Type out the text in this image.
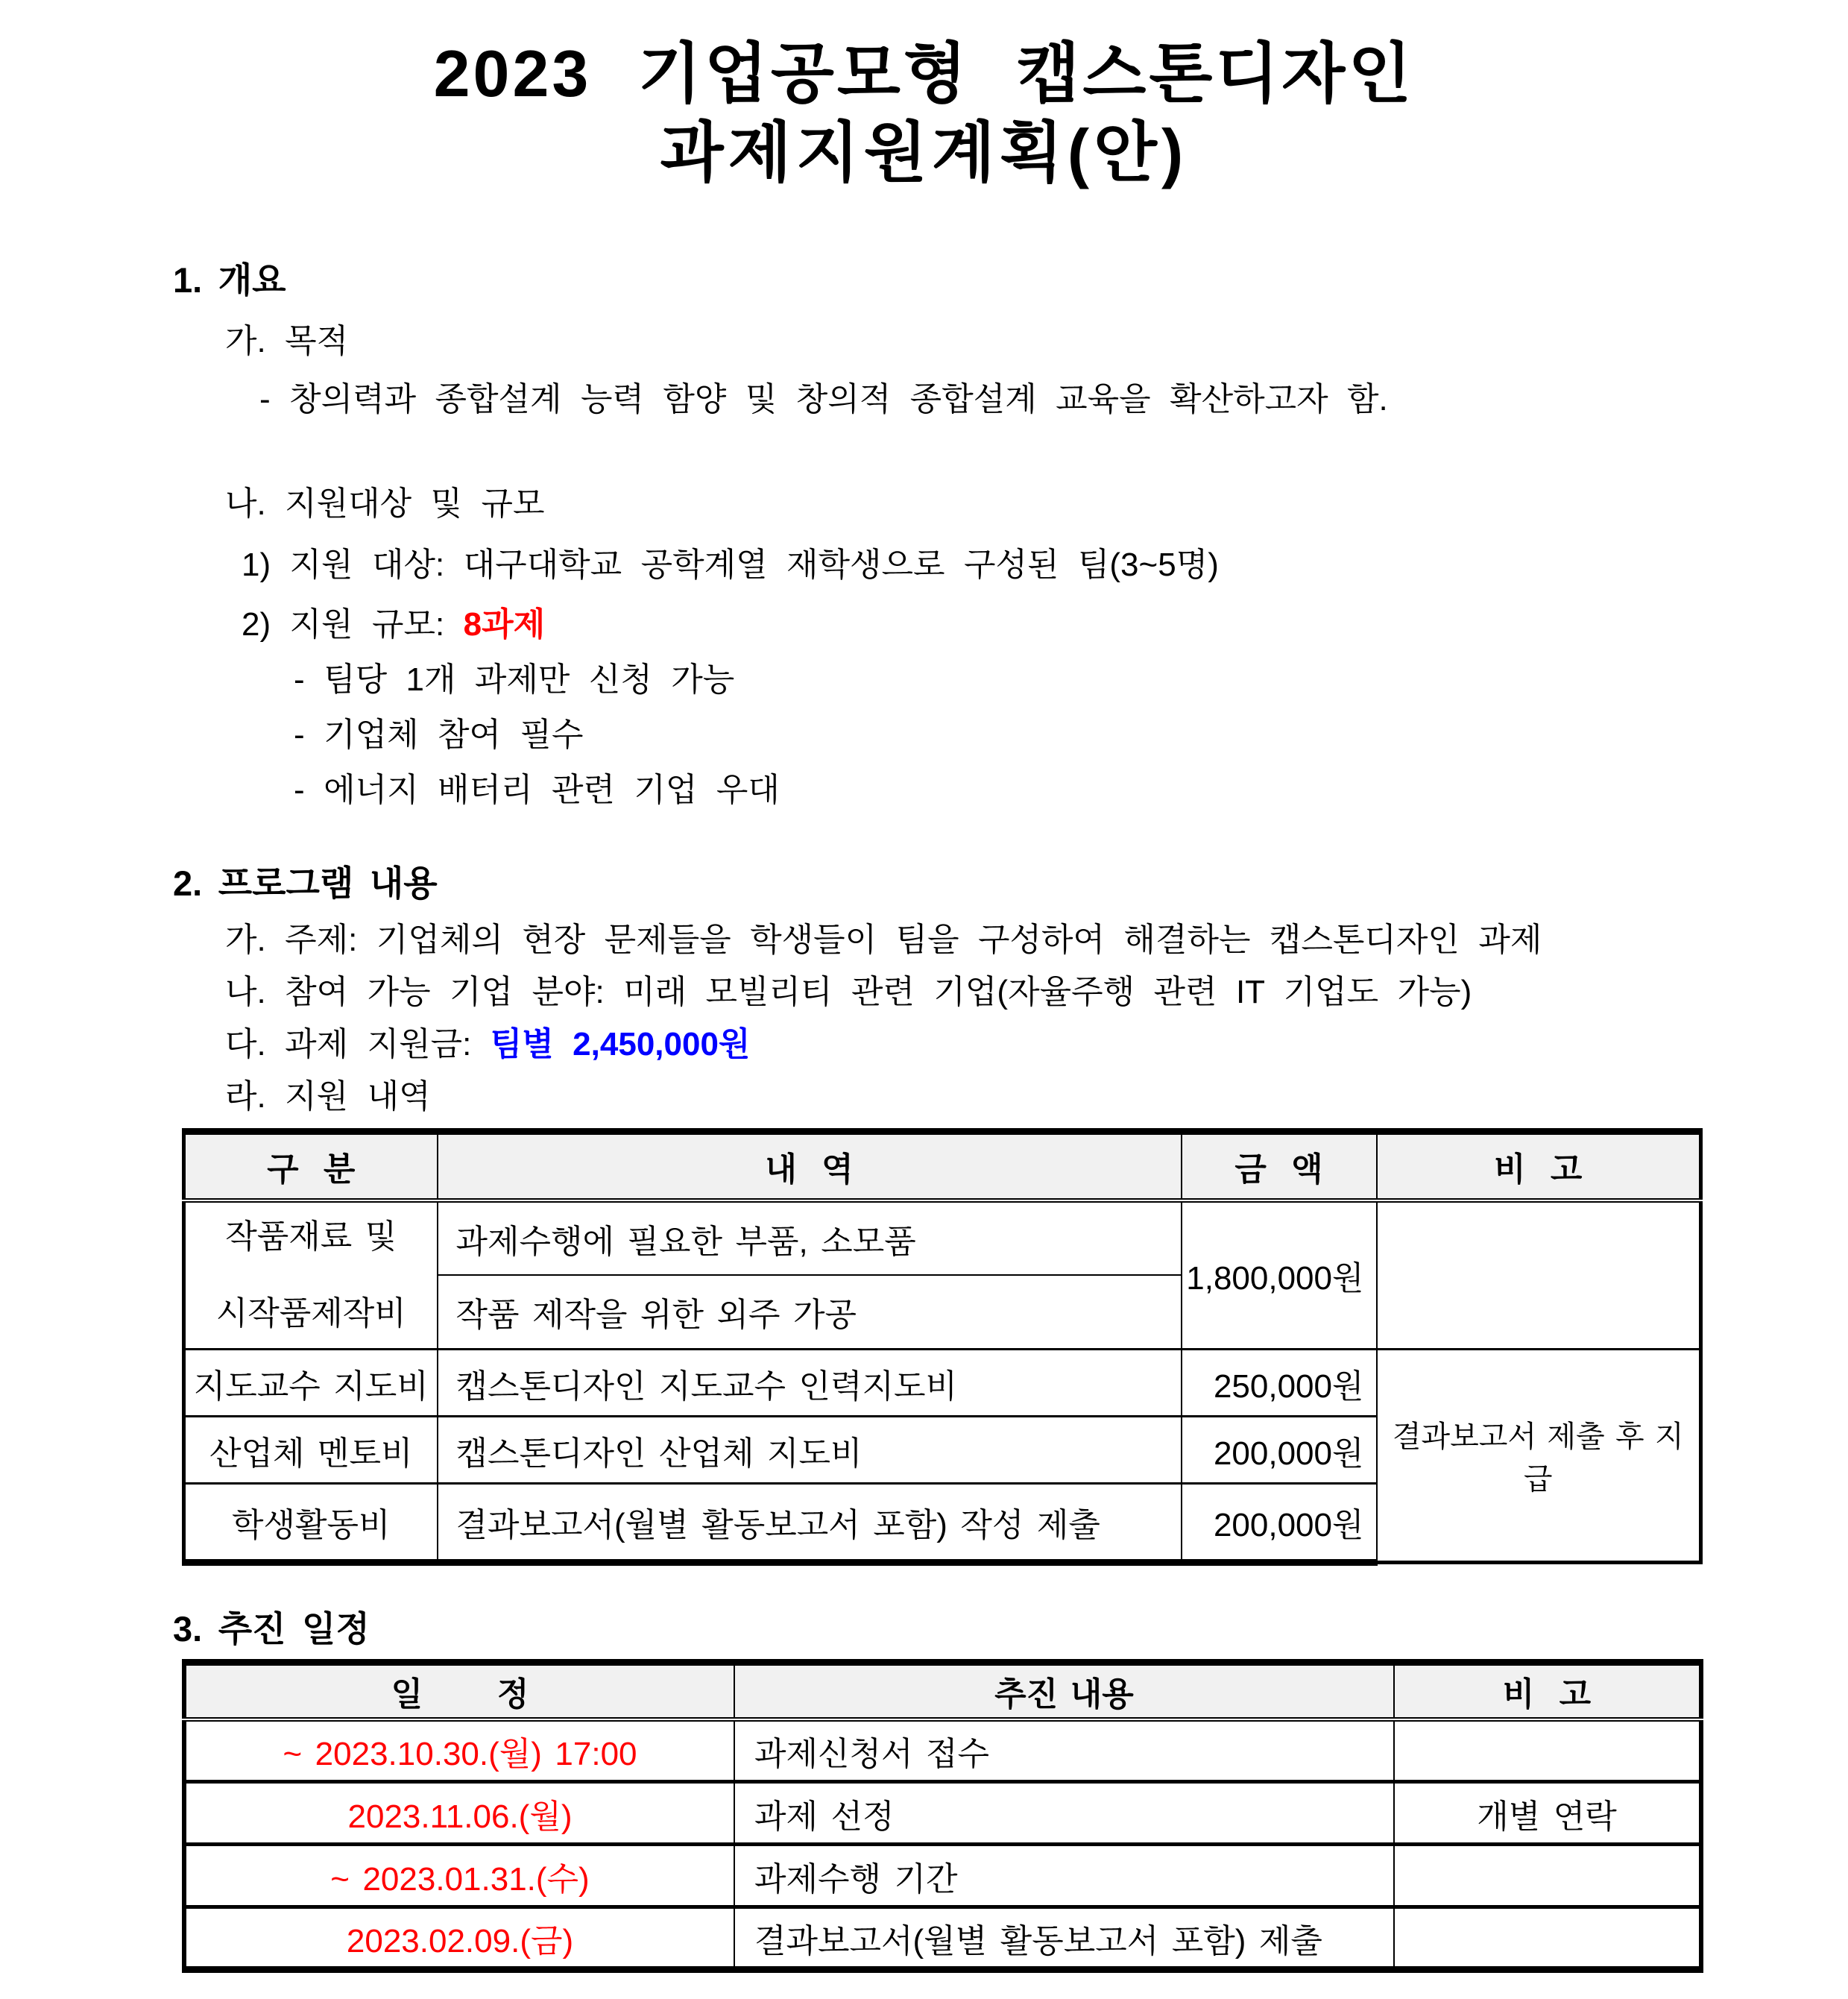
2023 기업공모형 캡스톤디자인
과제지원계획(안)
1. 개요
가. 목적
- 창의력과 종합설계 능력 함양 및 창의적 종합설계 교육을 확산하고자 함.
나. 지원대상 및 규모
1) 지원 대상: 대구대학교 공학계열 재학생으로 구성된 팀(3~5명)
2) 지원 규모: 8과제
- 팀당 1개 과제만 신청 가능
- 기업체 참여 필수
- 에너지 배터리 관련 기업 우대
2. 프로그램 내용
가. 주제: 기업체의 현장 문제들을 학생들이 팀을 구성하여 해결하는 캡스톤디자인 과제
나. 참여 가능 기업 분야: 미래 모빌리티 관련 기업(자율주행 관련 IT 기업도 가능)
다. 과제 지원금: 팀별 2,450,000원
라. 지원 내역
구  분	내  역	금  액	비  고

작품재료 및
시작품제작비	과제수행에 필요한 부품, 소모품	1,800,000원	
	작품 제작을 위한 외주 가공		
지도교수 지도비	캡스톤디자인 지도교수 인력지도비	250,000원	결과보고서 제출 후 지급
산업체 멘토비	캡스톤디자인 산업체 지도비	200,000원	
학생활동비	결과보고서(월별 활동보고서 포함) 작성 제출	200,000원	
3. 추진 일정
일      정	추진 내용	비  고
~ 2023.10.30.(월) 17:00	과제신청서 접수	
2023.11.06.(월)	과제 선정	개별 연락
~ 2023.01.31.(수)	과제수행 기간	
2023.02.09.(금)	결과보고서(월별 활동보고서 포함) 제출	
